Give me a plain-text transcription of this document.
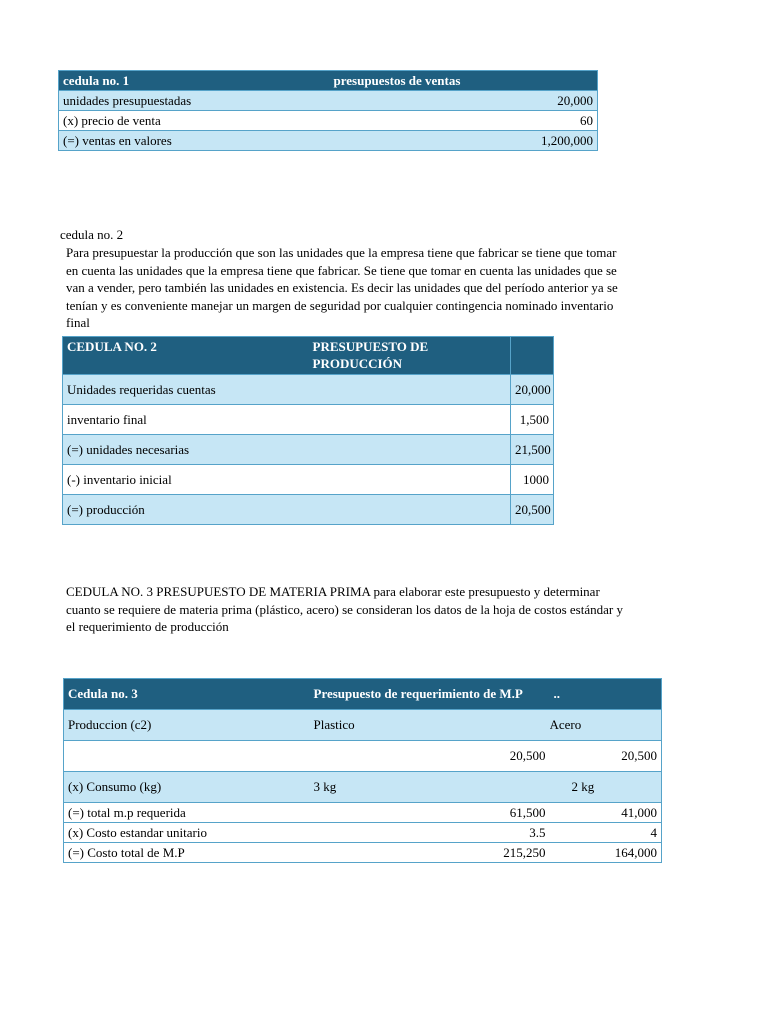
cedula no. 1	presupuestos de ventas
unidades presupuestadas	20,000
(x) precio de venta	60
(=) ventas en valores	1,200,000
cedula no. 2
Para presupuestar la producción que son las unidades que la empresa tiene que fabricar se tiene que tomar
en cuenta las unidades que la empresa tiene que fabricar. Se tiene que tomar en cuenta las unidades que se
van a vender, pero también las unidades en existencia. Es decir las unidades que del período anterior ya se
tenían y es conveniente manejar un margen de seguridad por cualquier contingencia nominado inventario
final
CEDULA NO. 2	PRESUPUESTO DE
PRODUCCIÓN	

Unidades requeridas cuentas		20,000
inventario final		1,500
(=) unidades necesarias		21,500
(-) inventario inicial		1000
(=) producción		20,500
CEDULA NO. 3 PRESUPUESTO DE MATERIA PRIMA para elaborar este presupuesto y determinar
cuanto se requiere de materia prima (plástico, acero) se consideran los datos de la hoja de costos estándar y
el requerimiento de producción
Cedula no. 3	Presupuesto de requerimiento de M.P	..
Produccion (c2)	Plastico	Acero
	20,500	20,500
(x) Consumo (kg)	3 kg	2 kg
(=) total m.p requerida	61,500	41,000
(x) Costo estandar unitario	3.5	4
(=) Costo total de M.P	215,250	164,000
